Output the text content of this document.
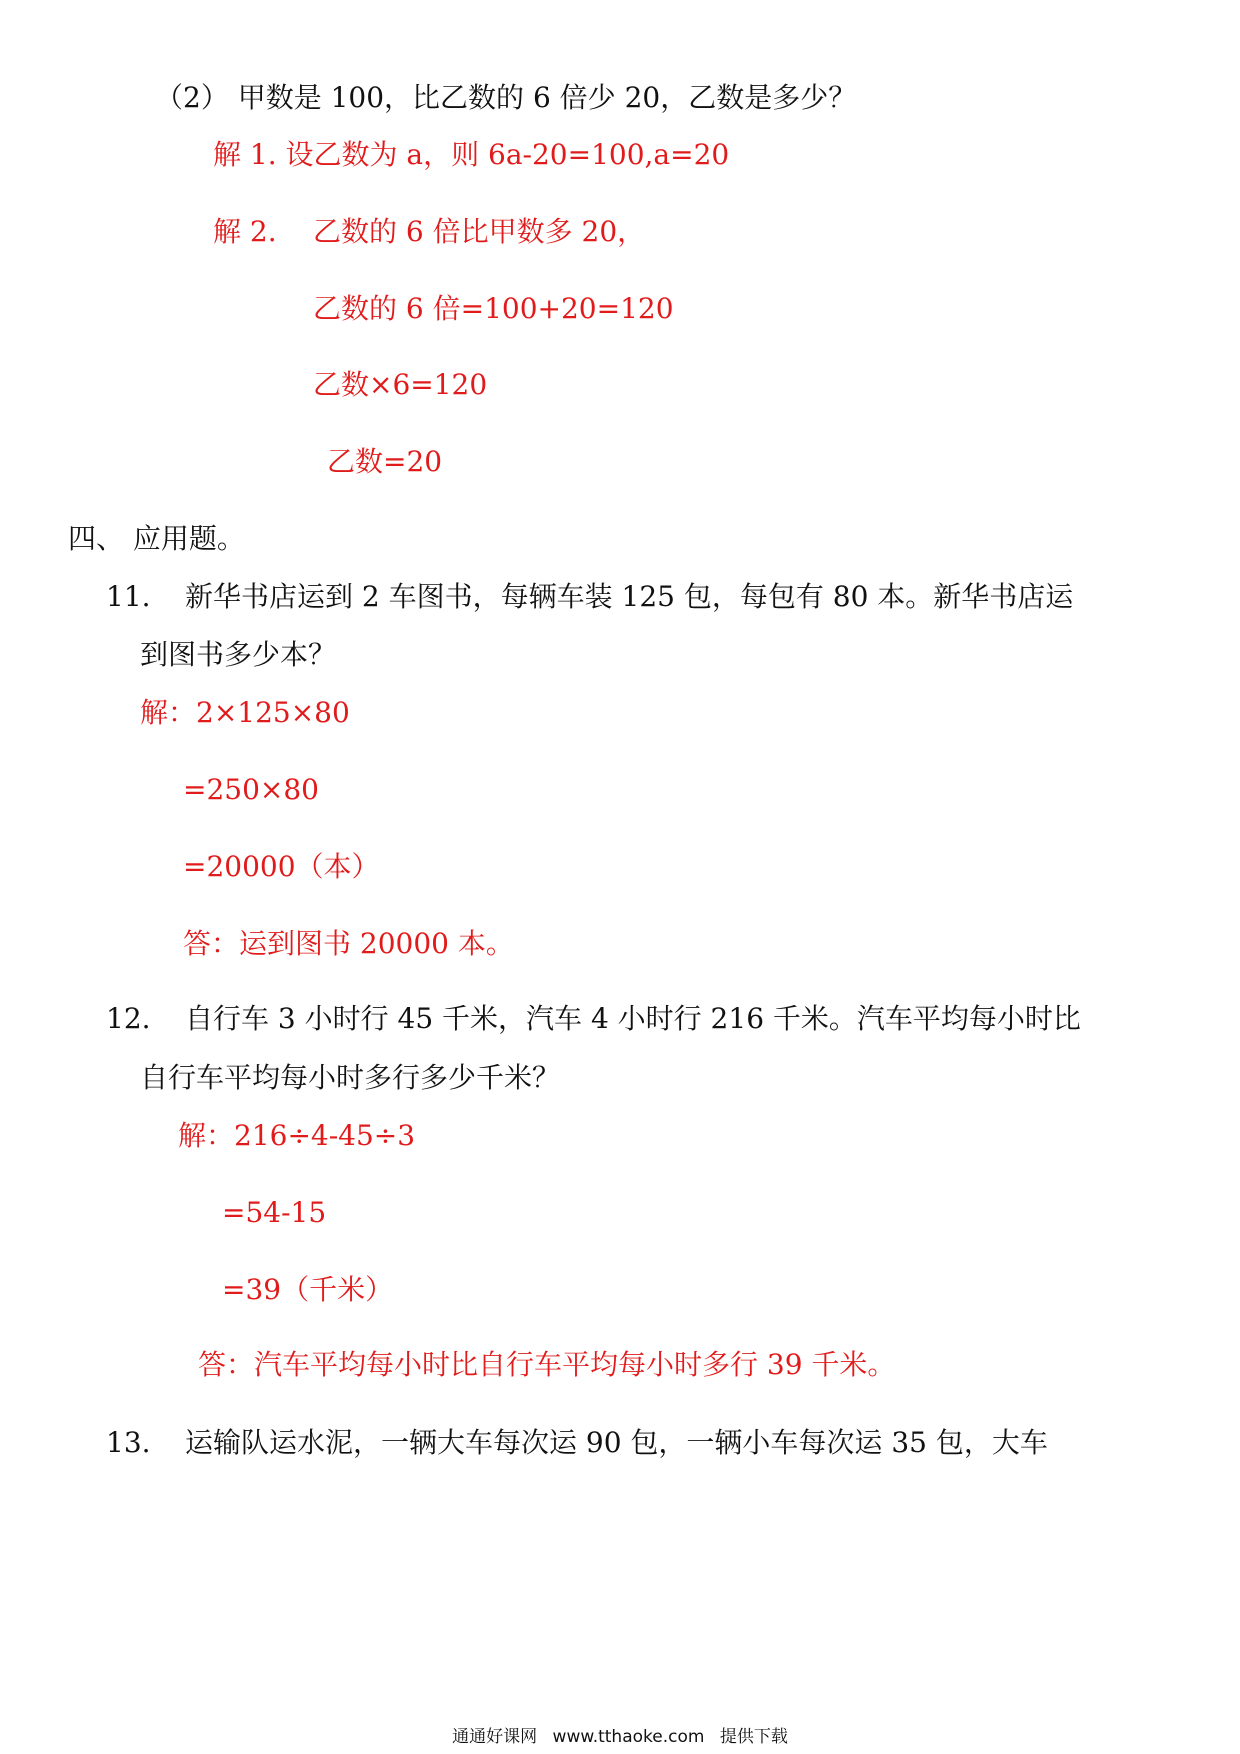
（2） 甲数是 100，比乙数的 6 倍少 20，乙数是多少？
解 1. 设乙数为 a，则 6a-20=100,a=20
解 2. 乙数的 6 倍比甲数多 20，
乙数的 6 倍=100+20=120
乙数×6=120
乙数=20
四、 应用题。
11. 新华书店运到 2 车图书，每辆车装 125 包，每包有 80 本。新华书店运
到图书多少本？
解：2×125×80
=250×80
=20000（本）
答：运到图书 20000 本。
12. 自行车 3 小时行 45 千米，汽车 4 小时行 216 千米。汽车平均每小时比
自行车平均每小时多行多少千米？
解：216÷4-45÷3
=54-15
=39（千米）
答：汽车平均每小时比自行车平均每小时多行 39 千米。
13. 运输队运水泥，一辆大车每次运 90 包，一辆小车每次运 35 包，大车
通通好课网 www.tthaoke.com 提供下载
